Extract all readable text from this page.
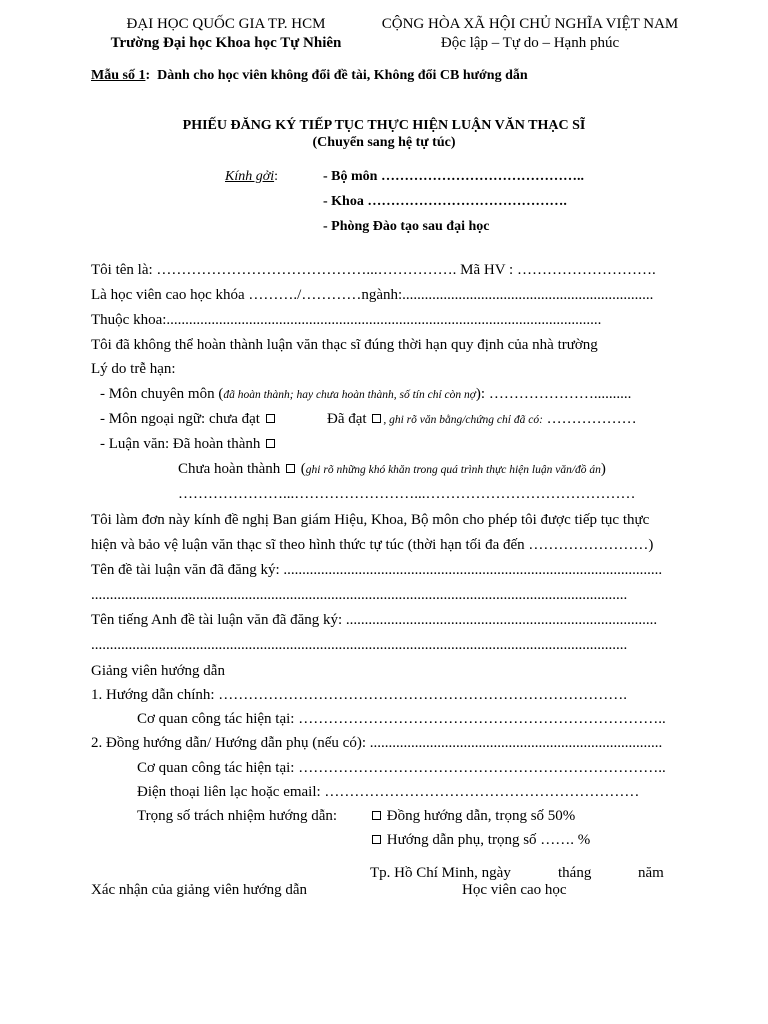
ĐẠI HỌC QUỐC GIA TP. HCM
Trường Đại học Khoa học Tự Nhiên
CỘNG HÒA XÃ HỘI CHỦ NGHĨA VIỆT NAM
Độc lập – Tự do – Hạnh phúc
Mẫu số 1: Dành cho học viên không đổi đề tài, Không đổi CB hướng dẫn
PHIẾU ĐĂNG KÝ TIẾP TỤC THỰC HIỆN LUẬN VĂN THẠC SĨ
(Chuyển sang hệ tự túc)
Kính gởi:	- Bộ môn ……………………………………..
- Khoa …………………………………….
- Phòng Đào tạo sau đại học
Tôi tên là: ……………………………………...……………. Mã HV : ……………………….
Là học viên cao học khóa ………./…………ngành:...................................................................
Thuộc khoa:....................................................................................................................
Tôi đã không thể hoàn thành luận văn thạc sĩ đúng thời hạn quy định của nhà trường
Lý do trễ hạn:
- Môn chuyên môn (đã hoàn thành; hay chưa hoàn thành, số tín chỉ còn nợ): …………………..........
- Môn ngoại ngữ: chưa đạt	Đã đạt , ghi rõ văn bằng/chứng chỉ đã có: ………………
- Luận văn: Đã hoàn thành
Chưa hoàn thành  (ghi rõ những khó khăn trong quá trình thực hiện luận văn/đồ án)
…………………...……………………...……………………………………
Tôi làm đơn này kính đề nghị Ban giám Hiệu, Khoa, Bộ môn cho phép tôi được tiếp tục thực
hiện và bảo vệ luận văn thạc sĩ theo hình thức tự túc (thời hạn tối đa đến ……………………)
Tên đề tài luận văn đã đăng ký: .....................................................................................................
...............................................................................................................................................
Tên tiếng Anh đề tài luận văn đã đăng ký: ...................................................................................
...............................................................................................................................................
Giảng viên hướng dẫn
1. Hướng dẫn chính: ……………………………………………………………………….
Cơ quan công tác hiện tại: ………………………………………………………………..
2. Đồng hướng dẫn/ Hướng dẫn phụ (nếu có): ..............................................................................
Cơ quan công tác hiện tại: ………………………………………………………………..
Điện thoại liên lạc hoặc email: ………………………………………………………
Trọng số trách nhiệm hướng dẫn:	Đồng hướng dẫn, trọng số 50%
Hướng dẫn phụ, trọng số ……. %
Tp. Hồ Chí Minh, ngày	tháng	năm
Xác nhận của giảng viên hướng dẫn	Học viên cao học
